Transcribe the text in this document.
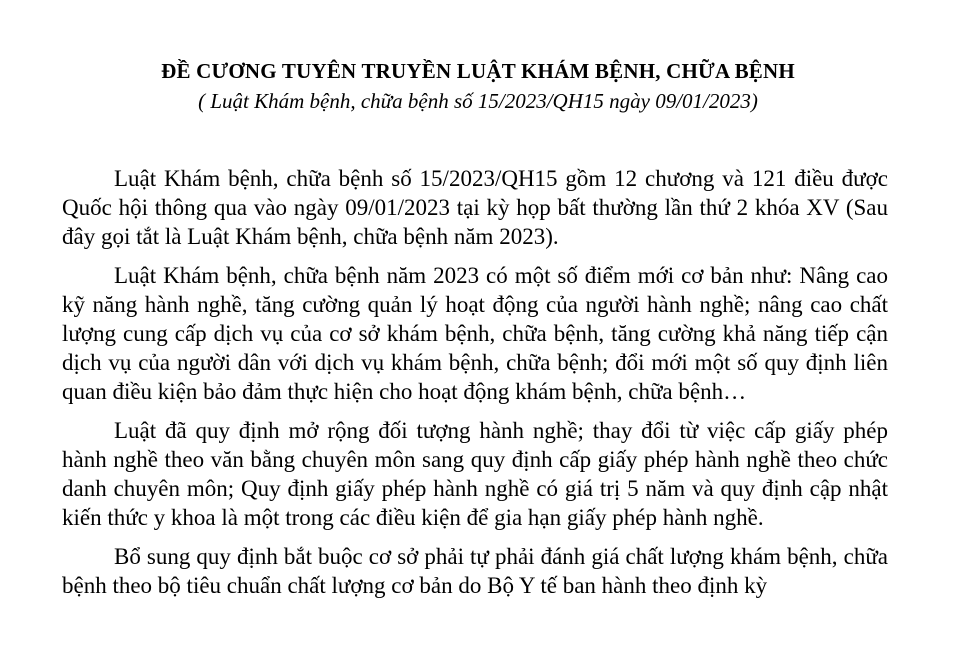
ĐỀ CƯƠNG TUYÊN TRUYỀN LUẬT KHÁM BỆNH, CHỮA BỆNH
( Luật Khám bệnh, chữa bệnh số 15/2023/QH15 ngày 09/01/2023)

Luật Khám bệnh, chữa bệnh số 15/2023/QH15 gồm 12 chương và 121 điều được Quốc hội thông qua vào ngày 09/01/2023 tại kỳ họp bất thường lần thứ 2 khóa XV (Sau đây gọi tắt là Luật Khám bệnh, chữa bệnh năm 2023).

Luật Khám bệnh, chữa bệnh năm 2023 có một số điểm mới cơ bản như: Nâng cao kỹ năng hành nghề, tăng cường quản lý hoạt động của người hành nghề; nâng cao chất lượng cung cấp dịch vụ của cơ sở khám bệnh, chữa bệnh, tăng cường khả năng tiếp cận dịch vụ của người dân với dịch vụ khám bệnh, chữa bệnh; đổi mới một số quy định liên quan điều kiện bảo đảm thực hiện cho hoạt động khám bệnh, chữa bệnh…

Luật đã quy định mở rộng đối tượng hành nghề; thay đổi từ việc cấp giấy phép hành nghề theo văn bằng chuyên môn sang quy định cấp giấy phép hành nghề theo chức danh chuyên môn; Quy định giấy phép hành nghề có giá trị 5 năm và quy định cập nhật kiến thức y khoa là một trong các điều kiện để gia hạn giấy phép hành nghề.

Bổ sung quy định bắt buộc cơ sở phải tự phải đánh giá chất lượng khám bệnh, chữa bệnh theo bộ tiêu chuẩn chất lượng cơ bản do Bộ Y tế ban hành theo định kỳ
